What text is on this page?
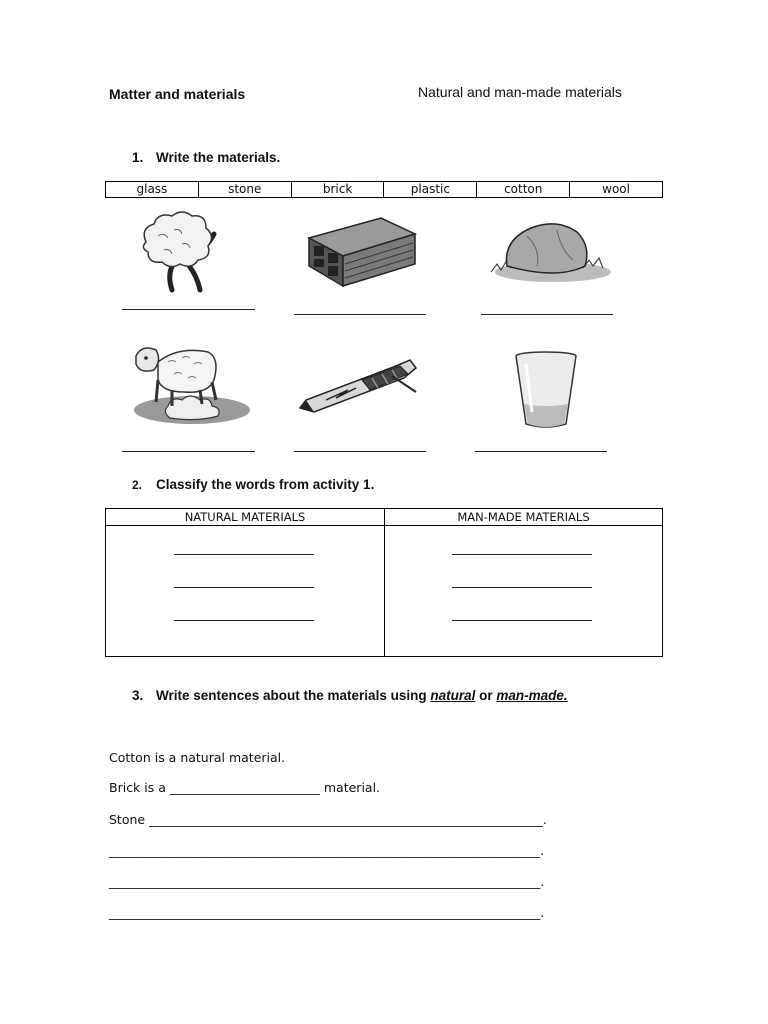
Matter and materials	Natural and man-made materials
1. Write the materials.
glass	stone	brick	plastic	cotton	wool
2. Classify the words from activity 1.
NATURAL MATERIALS	MAN-MADE MATERIALS
3. Write sentences about the materials using natural or man-made.
Cotton is a natural material.
Brick is a ________________________ material.
Stone _______________________________________________________________.
_____________________________________________________________________.
_____________________________________________________________________.
_____________________________________________________________________.
